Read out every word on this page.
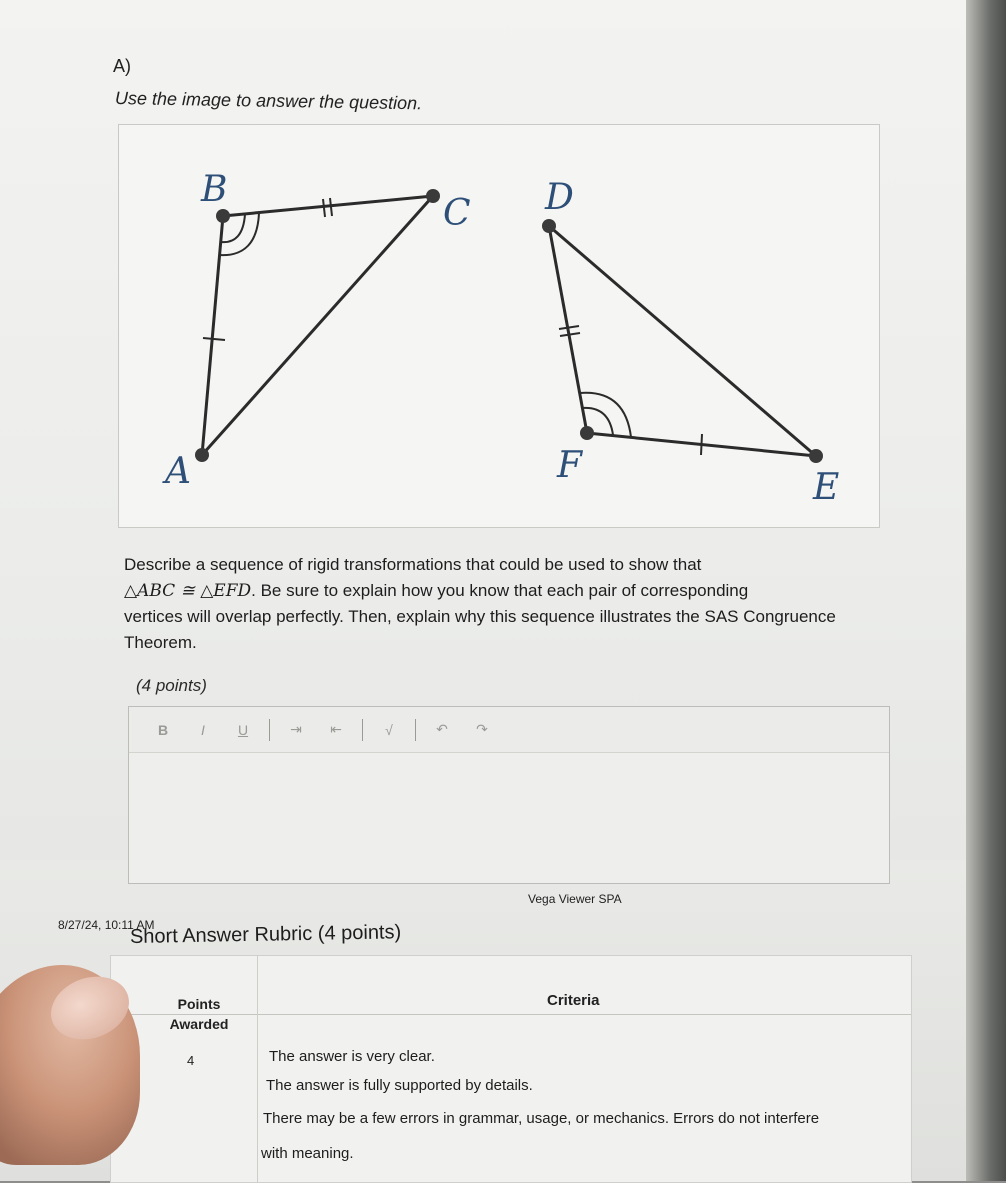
A)
Use the image to answer the question.
B
A
C D
F
E
Describe a sequence of rigid transformations that could be used to show that
△ABC ≅ △EFD. Be sure to explain how you know that each pair of corresponding
vertices will overlap perfectly. Then, explain why this sequence illustrates the SAS Congruence
Theorem.
(4 points)
B	I	U	⇥	⇤	√	↶	↷
Vega Viewer SPA
8/27/24, 10:11 AM
Short Answer Rubric (4 points)
Points
Awarded
Criteria
4	The answer is very clear.
The answer is fully supported by details.
There may be a few errors in grammar, usage, or mechanics. Errors do not interfere
with meaning.
